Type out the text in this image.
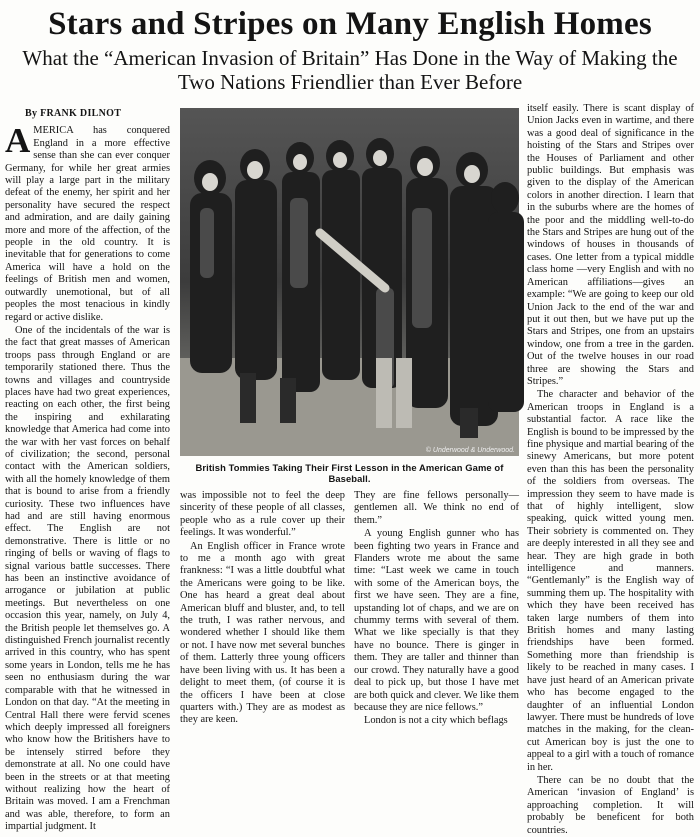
Stars and Stripes on Many English Homes
What the “American Invasion of Britain” Has Done in the Way of Making the Two Nations Friendlier than Ever Before

By FRANK DILNOT

AMERICA has conquered England in a more effective sense than she can ever conquer Germany, for while her great armies will play a large part in the military defeat of the enemy, her spirit and her personality have secured the respect and admiration, and are daily gaining more and more of the affection, of the people in the old country. It is inevitable that for generations to come America will have a hold on the feelings of British men and women, outwardly unemotional, but of all peoples the most tenacious in kindly regard or active dislike.

One of the incidentals of the war is the fact that great masses of American troops pass through England or are temporarily stationed there. Thus the towns and villages and countryside places have had two great experiences, reacting on each other, the first being the inspiring and exhilarating knowledge that America had come into the war with her vast forces on behalf of civilization; the second, personal contact with the American soldiers, with all the homely knowledge of them that is bound to arise from a friendly curiosity. These two influences have had and are still having enormous effect. The English are not demonstrative. There is little or no ringing of bells or waving of flags to signal various battle successes. There has been an instinctive avoidance of arrogance or jubilation at public meetings. But nevertheless on one occasion this year, namely, on July 4, the British people let themselves go. A distinguished French journalist recently arrived in this country, who has spent some years in London, tells me he has seen no enthusiasm during the war comparable with that he witnessed in London on that day. “At the meeting in Central Hall there were fervid scenes which deeply impressed all foreigners who know how the Britishers have to be intensely stirred before they demonstrate at all. No one could have been in the streets or at that meeting without realizing how the heart of Britain was moved. I am a Frenchman and was able, therefore, to form an impartial judgment. It

© Underwood & Underwood.
British Tommies Taking Their First Lesson in the American Game of Baseball.

was impossible not to feel the deep sincerity of these people of all classes, people who as a rule cover up their feelings. It was wonderful.”

An English officer in France wrote to me a month ago with great frankness: “I was a little doubtful what the Americans were going to be like. One has heard a great deal about American bluff and bluster, and, to tell the truth, I was rather nervous, and wondered whether I should like them or not. I have now met several bunches of them. Latterly three young officers have been living with us. It has been a delight to meet them, (of course it is the officers I have been at close quarters with.) They are as modest as they are keen.

They are fine fellows personally—gentlemen all. We think no end of them.”

A young English gunner who has been fighting two years in France and Flanders wrote me about the same time: “Last week we came in touch with some of the American boys, the first we have seen. They are a fine, upstanding lot of chaps, and we are on chummy terms with several of them. What we like specially is that they have no bounce. There is ginger in them. They are taller and thinner than our crowd. They naturally have a good deal to pick up, but those I have met are both quick and clever. We like them because they are nice fellows.”

London is not a city which beflags

itself easily. There is scant display of Union Jacks even in wartime, and there was a good deal of significance in the hoisting of the Stars and Stripes over the Houses of Parliament and other public buildings. But emphasis was given to the display of the American colors in another direction. I learn that in the suburbs where are the homes of the poor and the middling well-to-do the Stars and Stripes are hung out of the windows of houses in thousands of cases. One letter from a typical middle class home —very English and with no American affiliations—gives an example: “We are going to keep our old Union Jack to the end of the war and put it out then, but we have put up the Stars and Stripes, one from an upstairs window, one from a tree in the garden. Out of the twelve houses in our road three are showing the Stars and Stripes.”

The character and behavior of the American troops in England is a substantial factor. A race like the English is bound to be impressed by the fine physique and martial bearing of the sinewy Americans, but more potent even than this has been the personality of the soldiers from overseas. The impression they seem to have made is that of highly intelligent, slow speaking, quick witted young men. Their sobriety is commented on. They are deeply interested in all they see and hear. They are high grade in both intelligence and manners. “Gentlemanly” is the English way of summing them up. The hospitality with which they have been received has taken large numbers of them into British homes and many lasting friendships have been formed. Something more than friendship is likely to be reached in many cases. I have just heard of an American private who has become engaged to the daughter of an influential London lawyer. There must be hundreds of love matches in the making, for the clean-cut American boy is just the one to appeal to a girl with a touch of romance in her.

There can be no doubt that the American ‘invasion of England’ is approaching completion. It will probably be beneficent for both countries.
